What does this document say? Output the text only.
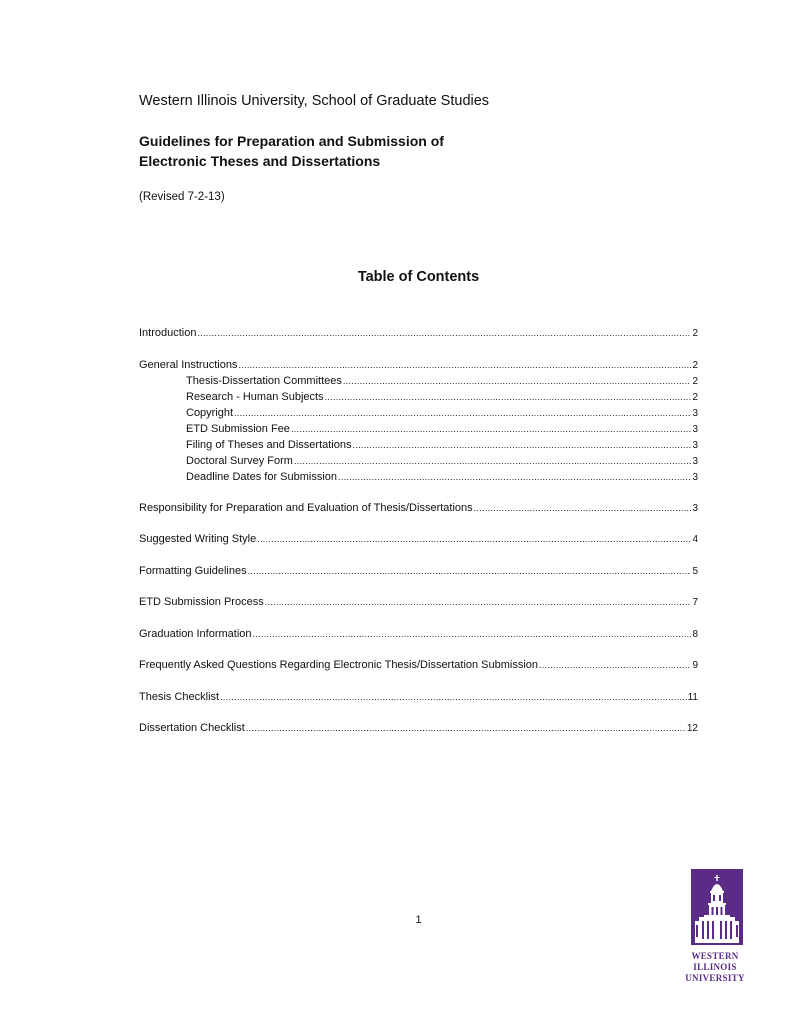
Western Illinois University, School of Graduate Studies
Guidelines for Preparation and Submission of
Electronic Theses and Dissertations
(Revised 7-2-13)
Table of Contents
Introduction . . .	2
General Instructions . . .	2
Thesis-Dissertation Committees . . .	2
Research - Human Subjects . . .	2
Copyright . . .	3
ETD Submission Fee . . .	3
Filing of Theses and Dissertations . . .	3
Doctoral Survey Form . . .	3
Deadline Dates for Submission . . .	3
Responsibility for Preparation and Evaluation of Thesis/Dissertations . . .	3
Suggested Writing Style . . .	4
Formatting Guidelines . . .	5
ETD Submission Process . . .	7
Graduation Information . . .	8
Frequently Asked Questions Regarding Electronic Thesis/Dissertation Submission . . .	9
Thesis Checklist . . .	11
Dissertation Checklist . . .	12
1
WESTERN
ILLINOIS
UNIVERSITY
